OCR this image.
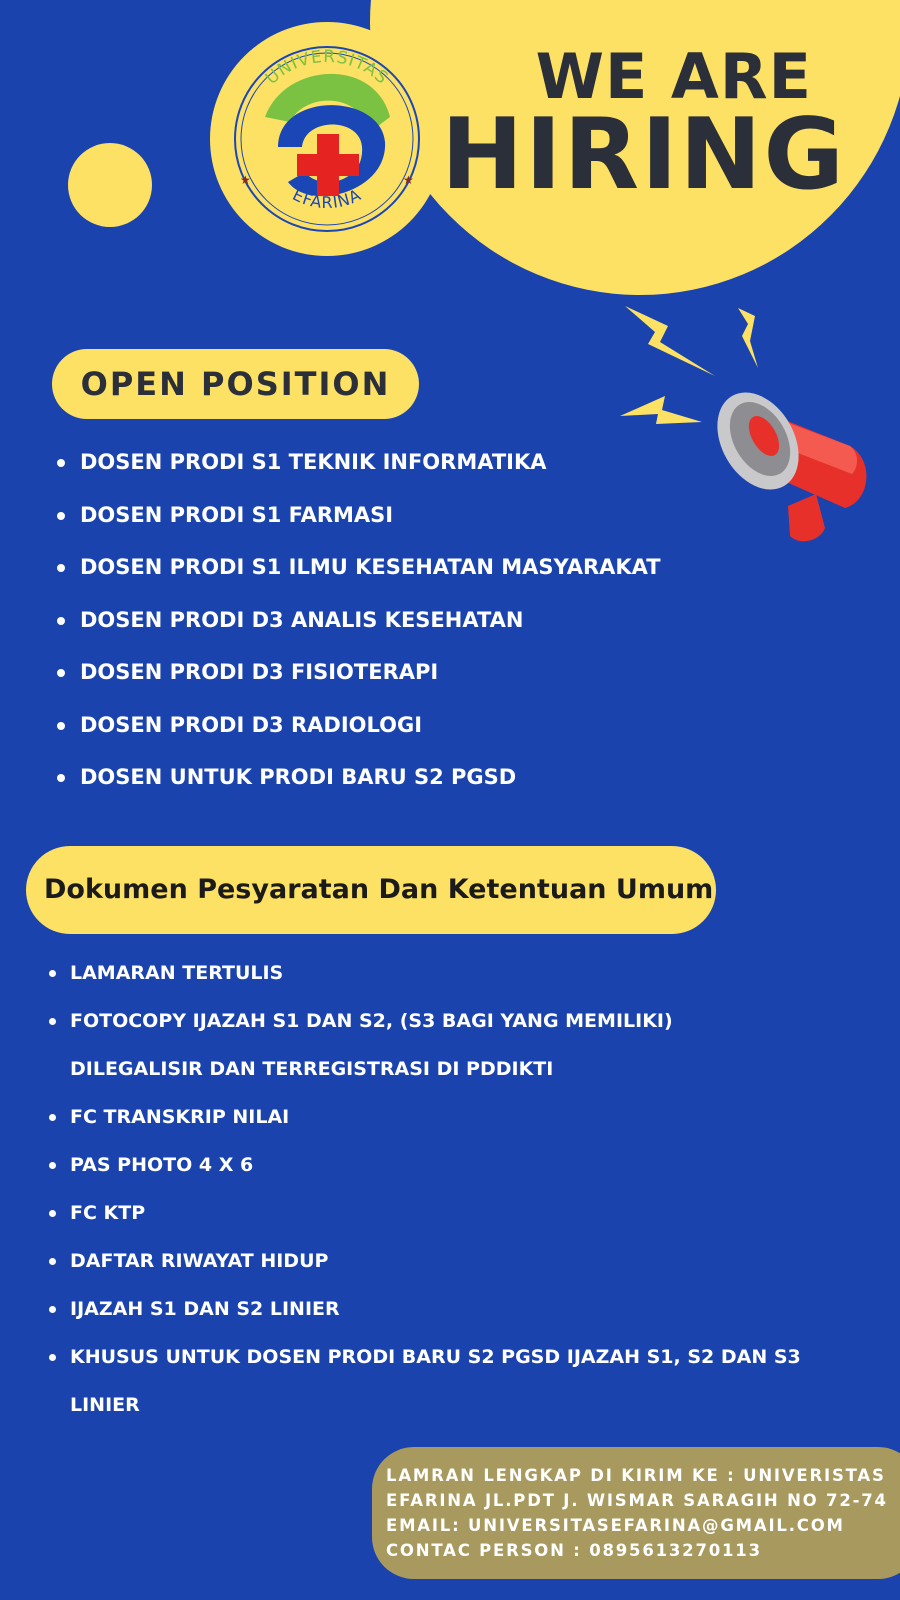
★	★
UNIVERSITAS
EFARINA
WE ARE
HIRING
OPEN POSITION
DOSEN PRODI S1 TEKNIK INFORMATIKA
DOSEN PRODI S1 FARMASI
DOSEN PRODI S1 ILMU KESEHATAN MASYARAKAT
DOSEN PRODI D3 ANALIS KESEHATAN
DOSEN PRODI D3 FISIOTERAPI
DOSEN PRODI D3 RADIOLOGI
DOSEN UNTUK PRODI BARU S2 PGSD
Dokumen Pesyaratan Dan Ketentuan Umum
LAMARAN TERTULIS
FOTOCOPY IJAZAH S1 DAN S2, (S3 BAGI YANG MEMILIKI) DILEGALISIR DAN TERREGISTRASI DI PDDIKTI
FC TRANSKRIP NILAI
PAS PHOTO 4 X 6
FC KTP
DAFTAR RIWAYAT HIDUP
IJAZAH S1 DAN S2 LINIER
KHUSUS UNTUK DOSEN PRODI BARU S2 PGSD IJAZAH S1, S2 DAN S3 LINIER
LAMRAN LENGKAP DI KIRIM KE : UNIVERISTAS
EFARINA JL.PDT J. WISMAR SARAGIH NO 72-74
EMAIL: UNIVERSITASEFARINA@GMAIL.COM
CONTAC PERSON : 0895613270113
